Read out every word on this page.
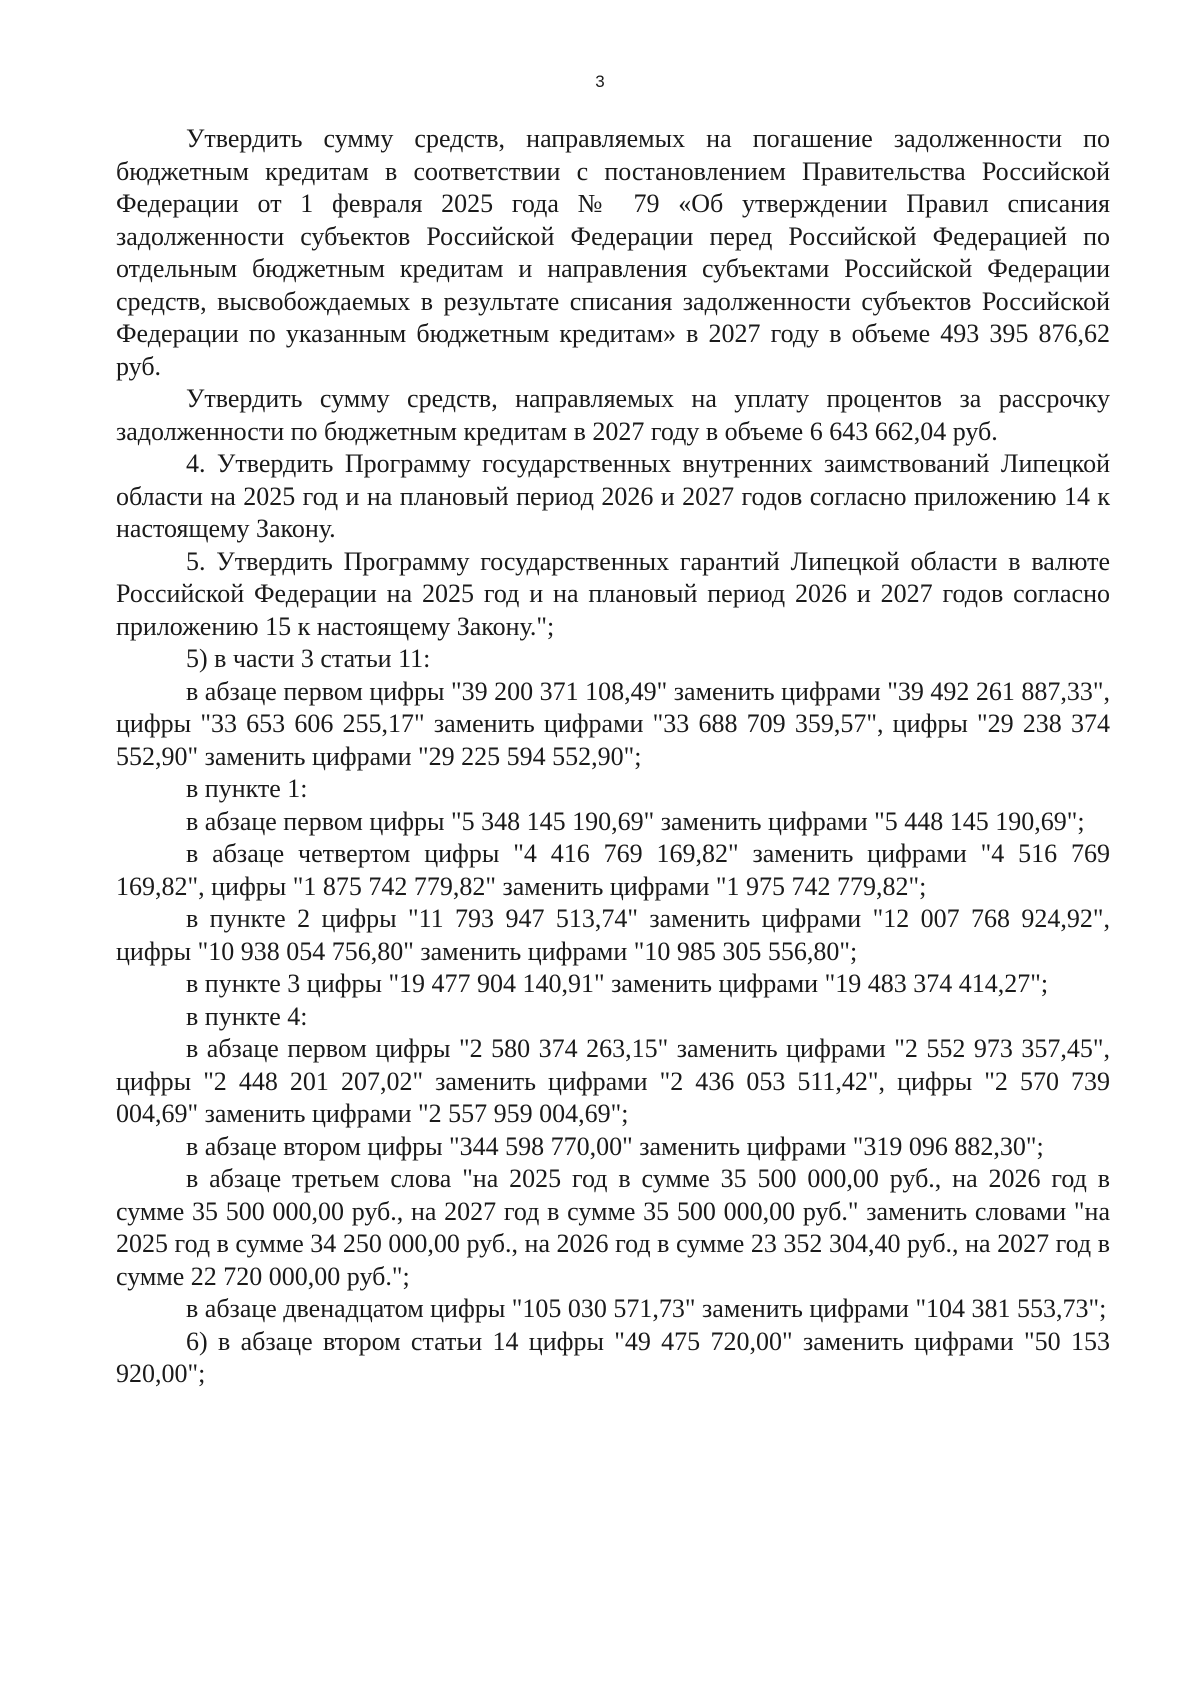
3

Утвердить сумму средств, направляемых на погашение задолженности по бюджетным кредитам в соответствии с постановлением Правительства Российской Федерации от 1 февраля 2025 года № 79 «Об утверждении Правил списания задолженности субъектов Российской Федерации перед Российской Федерацией по отдельным бюджетным кредитам и направления субъектами Российской Федерации средств, высвобождаемых в результате списания задолженности субъектов Российской Федерации по указанным бюджетным кредитам» в 2027 году в объеме 493 395 876,62 руб.

Утвердить сумму средств, направляемых на уплату процентов за рассрочку задолженности по бюджетным кредитам в 2027 году в объеме 6 643 662,04 руб.

4. Утвердить Программу государственных внутренних заимствований Липецкой области на 2025 год и на плановый период 2026 и 2027 годов согласно приложению 14 к настоящему Закону.

5. Утвердить Программу государственных гарантий Липецкой области в валюте Российской Федерации на 2025 год и на плановый период 2026 и 2027 годов согласно приложению 15 к настоящему Закону.";

5) в части 3 статьи 11:

в абзаце первом цифры "39 200 371 108,49" заменить цифрами "39 492 261 887,33", цифры "33 653 606 255,17" заменить цифрами "33 688 709 359,57", цифры "29 238 374 552,90" заменить цифрами "29 225 594 552,90";

в пункте 1:

в абзаце первом цифры "5 348 145 190,69" заменить цифрами "5 448 145 190,69";

в абзаце четвертом цифры "4 416 769 169,82" заменить цифрами "4 516 769 169,82", цифры "1 875 742 779,82" заменить цифрами "1 975 742 779,82";

в пункте 2 цифры "11 793 947 513,74" заменить цифрами "12 007 768 924,92", цифры "10 938 054 756,80" заменить цифрами "10 985 305 556,80";

в пункте 3 цифры "19 477 904 140,91" заменить цифрами "19 483 374 414,27";

в пункте 4:

в абзаце первом цифры "2 580 374 263,15" заменить цифрами "2 552 973 357,45", цифры "2 448 201 207,02" заменить цифрами "2 436 053 511,42", цифры "2 570 739 004,69" заменить цифрами "2 557 959 004,69";

в абзаце втором цифры "344 598 770,00" заменить цифрами "319 096 882,30";

в абзаце третьем слова "на 2025 год в сумме 35 500 000,00 руб., на 2026 год в сумме 35 500 000,00 руб., на 2027 год в сумме 35 500 000,00 руб." заменить словами "на 2025 год в сумме 34 250 000,00 руб., на 2026 год в сумме 23 352 304,40 руб., на 2027 год в сумме 22 720 000,00 руб.";

в абзаце двенадцатом цифры "105 030 571,73" заменить цифрами "104 381 553,73";

6) в абзаце втором статьи 14 цифры "49 475 720,00" заменить цифрами "50 153 920,00";
